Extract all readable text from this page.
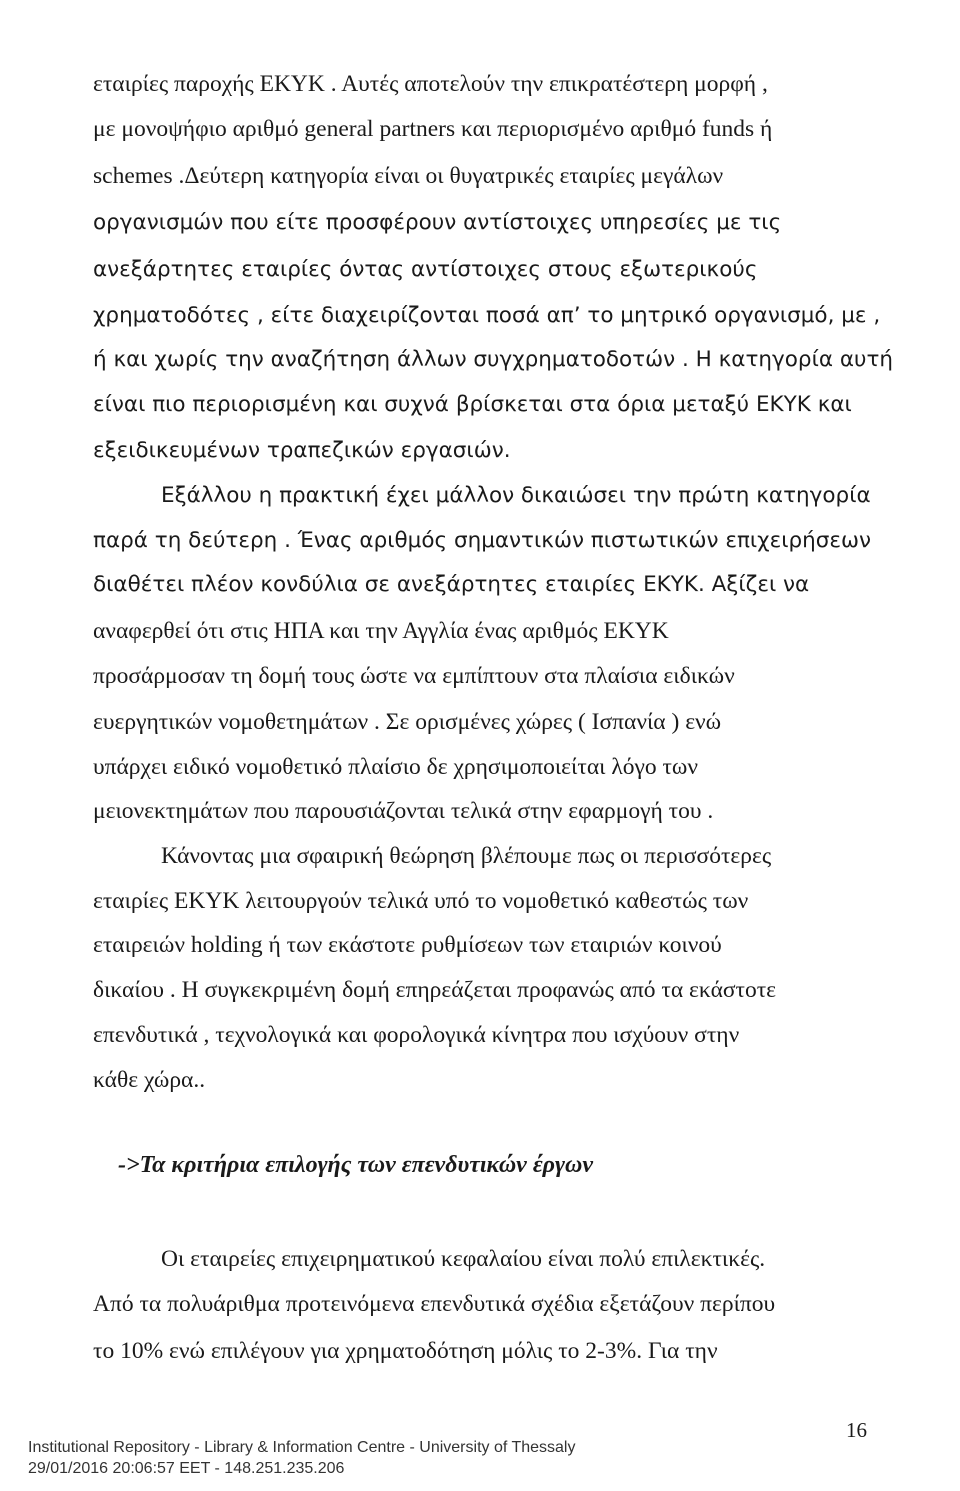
εταιρίες παροχής ΕΚΥΚ . Αυτές αποτελούν την επικρατέστερη μορφή ,
με μονοψήφιο αριθμό general partners και περιορισμένο αριθμό funds ή
schemes .Δεύτερη κατηγορία είναι οι θυγατρικές εταιρίες μεγάλων
οργανισμών που είτε προσφέρουν αντίστοιχες υπηρεσίες με τις
ανεξάρτητες εταιρίες όντας αντίστοιχες στους εξωτερικούς
χρηματοδότες , είτε διαχειρίζονται ποσά απ’ το μητρικό οργανισμό, με ,
ή και χωρίς την αναζήτηση άλλων συγχρηματοδοτών . Η κατηγορία αυτή
είναι πιο περιορισμένη και συχνά βρίσκεται στα όρια μεταξύ ΕΚΥΚ και
εξειδικευμένων τραπεζικών εργασιών.
Εξάλλου η πρακτική έχει μάλλον δικαιώσει την πρώτη κατηγορία
παρά τη δεύτερη . Ένας αριθμός σημαντικών πιστωτικών επιχειρήσεων
διαθέτει πλέον κονδύλια σε ανεξάρτητες εταιρίες ΕΚΥΚ. Αξίζει να
αναφερθεί ότι στις ΗΠΑ και την Αγγλία ένας αριθμός ΕΚΥΚ
προσάρμοσαν τη δομή τους ώστε να εμπίπτουν στα πλαίσια ειδικών
ευεργητικών νομοθετημάτων . Σε ορισμένες χώρες ( Ισπανία ) ενώ
υπάρχει ειδικό νομοθετικό πλαίσιο δε χρησιμοποιείται λόγο των
μειονεκτημάτων που παρουσιάζονται τελικά στην εφαρμογή του .
Κάνοντας μια σφαιρική θεώρηση βλέπουμε πως οι περισσότερες
εταιρίες ΕΚΥΚ λειτουργούν τελικά υπό το νομοθετικό καθεστώς των
εταιρειών holding ή των εκάστοτε ρυθμίσεων των εταιριών κοινού
δικαίου . Η συγκεκριμένη δομή επηρεάζεται προφανώς από τα εκάστοτε
επενδυτικά , τεχνολογικά και φορολογικά κίνητρα που ισχύουν στην
κάθε χώρα..
->Τα κριτήρια επιλογής των επενδυτικών έργων
Οι εταιρείες επιχειρηματικού κεφαλαίου είναι πολύ επιλεκτικές.
Από τα πολυάριθμα προτεινόμενα επενδυτικά σχέδια εξετάζουν περίπου
το 10% ενώ επιλέγουν για χρηματοδότηση μόλις το 2-3%. Για την
16
Institutional Repository - Library & Information Centre - University of Thessaly
29/01/2016 20:06:57 EET - 148.251.235.206
